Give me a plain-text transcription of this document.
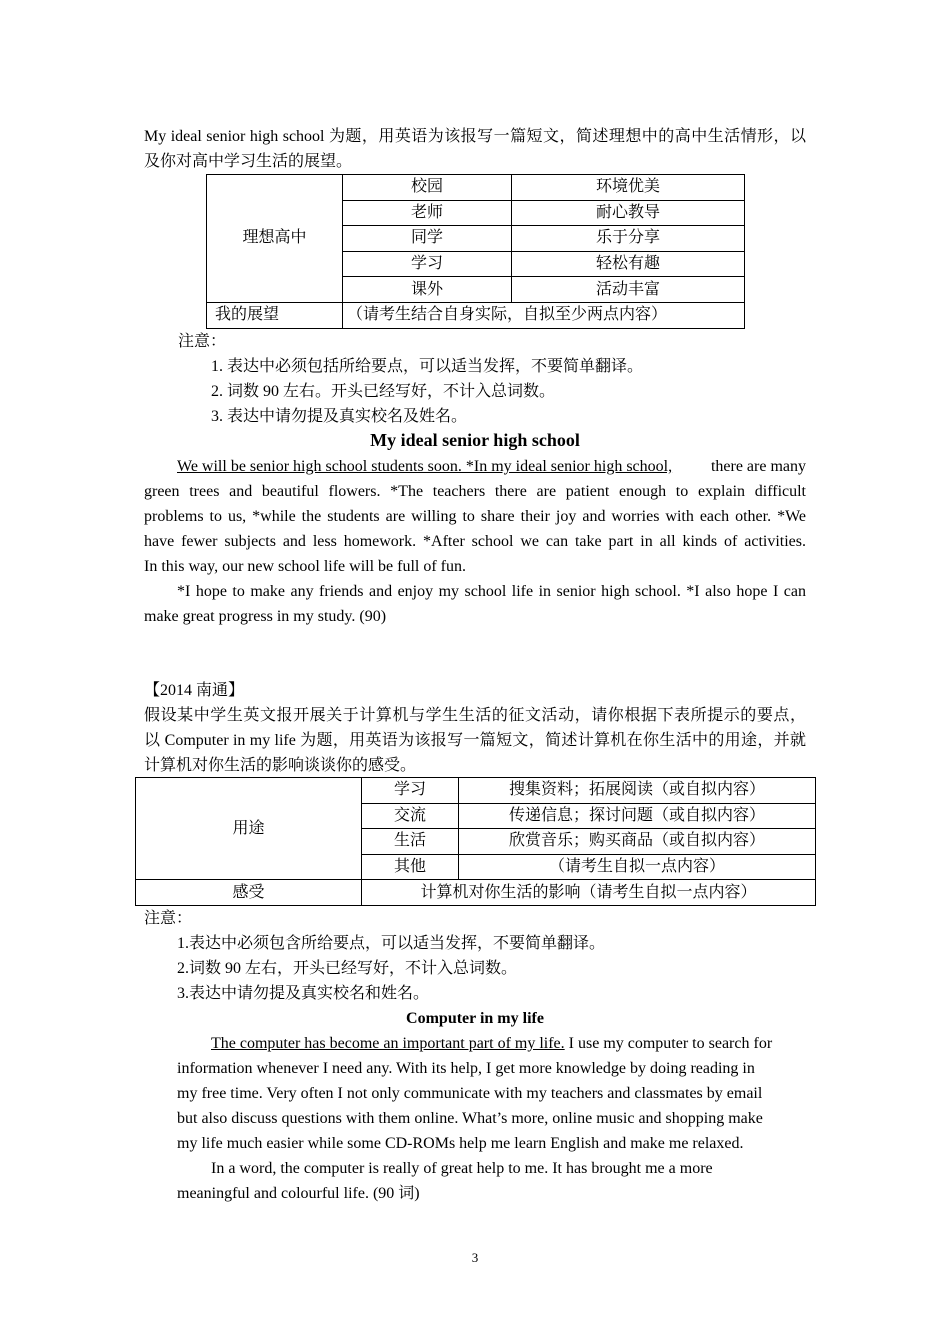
My ideal senior high school 为题，用英语为该报写一篇短文，简述理想中的高中生活情形，以
及你对高中学习生活的展望。
理想高中	校园	环境优美
	老师	耐心教导
	同学	乐于分享
	学习	轻松有趣
	课外	活动丰富
我的展望	（请考生结合自身实际，自拟至少两点内容）	
注意：
1. 表达中必须包括所给要点，可以适当发挥，不要简单翻译。
2. 词数 90 左右。开头已经写好，不计入总词数。
3. 表达中请勿提及真实校名及姓名。
My ideal senior high school
We will be senior high school students soon. *In my ideal senior high school, there are many
green trees and beautiful flowers. *The teachers there are patient enough to explain difficult
problems to us, *while the students are willing to share their joy and worries with each other. *We
have fewer subjects and less homework. *After school we can take part in all kinds of activities.
In this way, our new school life will be full of fun.
*I hope to make any friends and enjoy my school life in senior high school. *I also hope I can
make great progress in my study. (90)
【2014 南通】
假设某中学生英文报开展关于计算机与学生生活的征文活动，请你根据下表所提示的要点，
以 Computer in my life 为题，用英语为该报写一篇短文，简述计算机在你生活中的用途，并就
计算机对你生活的影响谈谈你的感受。
用途	学习	搜集资料；拓展阅读（或自拟内容）
	交流	传递信息；探讨问题（或自拟内容）
	生活	欣赏音乐；购买商品（或自拟内容）
	其他	（请考生自拟一点内容）
感受	计算机对你生活的影响（请考生自拟一点内容）	
注意：
1.表达中必须包含所给要点，可以适当发挥，不要简单翻译。
2.词数 90 左右，开头已经写好，不计入总词数。
3.表达中请勿提及真实校名和姓名。
Computer in my life
The computer has become an important part of my life. I use my computer to search for
information whenever I need any. With its help, I get more knowledge by doing reading in
my free time. Very often I not only communicate with my teachers and classmates by email
but also discuss questions with them online. What’s more, online music and shopping make
my life much easier while some CD-ROMs help me learn English and make me relaxed.
In a word, the computer is really of great help to me. It has brought me a more
meaningful and colourful life. (90 词)
3
